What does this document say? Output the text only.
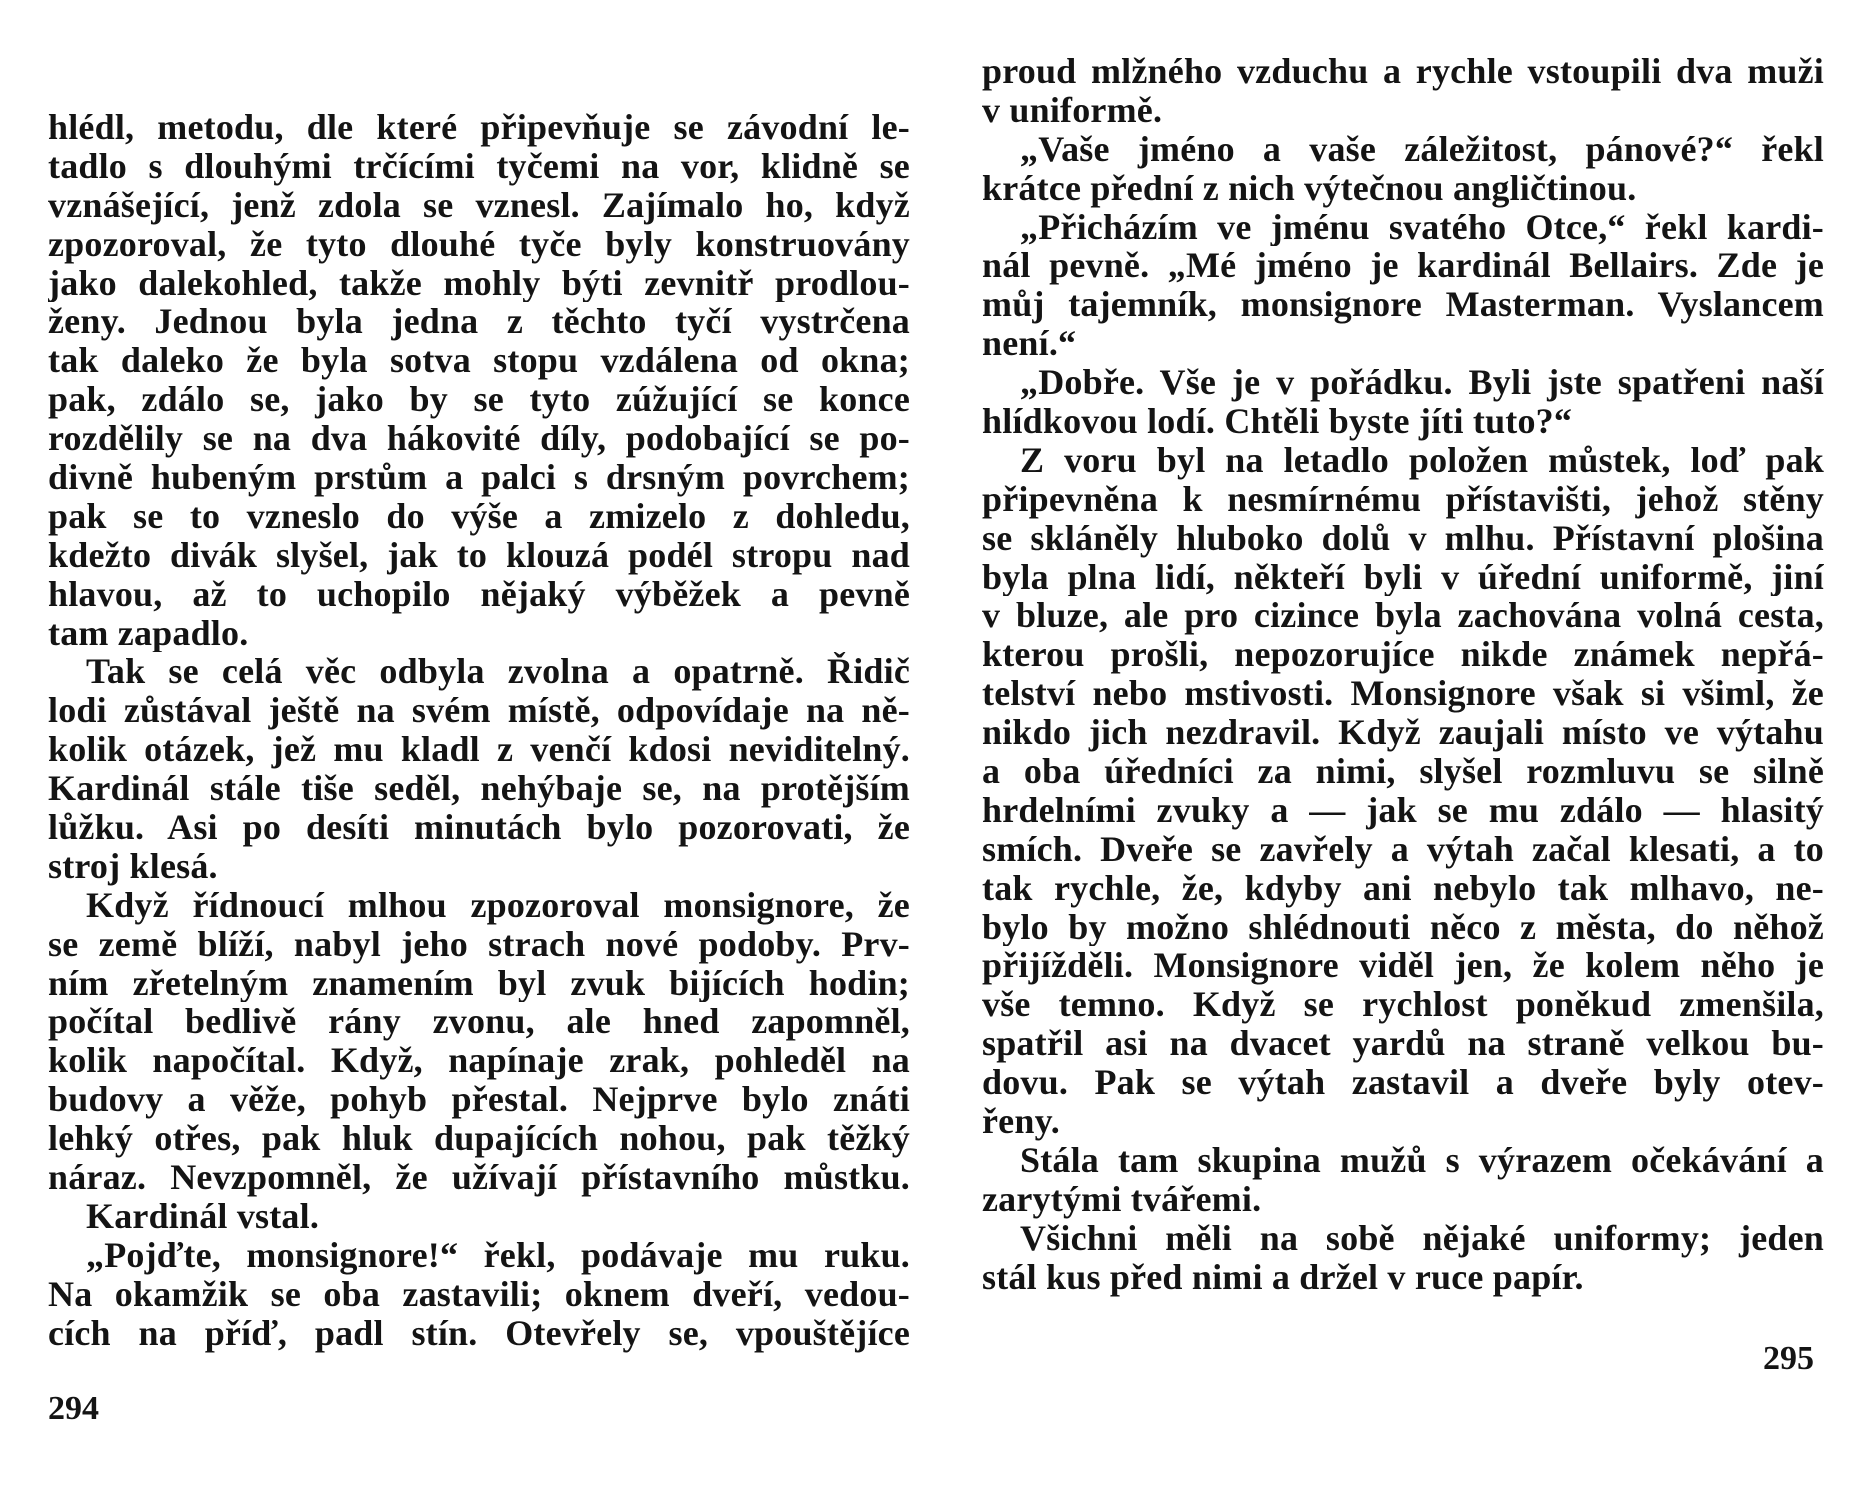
hlédl, metodu, dle které připevňuje se závodní le-
tadlo s dlouhými trčícími tyčemi na vor, klidně se
vznášející, jenž zdola se vznesl. Zajímalo ho, když
zpozoroval, že tyto dlouhé tyče byly konstruovány
jako dalekohled, takže mohly býti zevnitř prodlou-
ženy. Jednou byla jedna z těchto tyčí vystrčena
tak daleko že byla sotva stopu vzdálena od okna;
pak, zdálo se, jako by se tyto zúžující se konce
rozdělily se na dva hákovité díly, podobající se po-
divně hubeným prstům a palci s drsným povrchem;
pak se to vzneslo do výše a zmizelo z dohledu,
kdežto divák slyšel, jak to klouzá podél stropu nad
hlavou, až to uchopilo nějaký výběžek a pevně
tam zapadlo.
Tak se celá věc odbyla zvolna a opatrně. Řidič
lodi zůstával ještě na svém místě, odpovídaje na ně-
kolik otázek, jež mu kladl z venčí kdosi neviditelný.
Kardinál stále tiše seděl, nehýbaje se, na protějším
lůžku. Asi po desíti minutách bylo pozorovati, že
stroj klesá.
Když řídnoucí mlhou zpozoroval monsignore, že
se země blíží, nabyl jeho strach nové podoby. Prv-
ním zřetelným znamením byl zvuk bijících hodin;
počítal bedlivě rány zvonu, ale hned zapomněl,
kolik napočítal. Když, napínaje zrak, pohleděl na
budovy a věže, pohyb přestal. Nejprve bylo znáti
lehký otřes, pak hluk dupajících nohou, pak těžký
náraz. Nevzpomněl, že užívají přístavního můstku.
Kardinál vstal.
„Pojďte, monsignore!“ řekl, podávaje mu ruku.
Na okamžik se oba zastavili; oknem dveří, vedou-
cích na příď, padl stín. Otevřely se, vpouštějíce
294
proud mlžného vzduchu a rychle vstoupili dva muži
v uniformě.
„Vaše jméno a vaše záležitost, pánové?“ řekl
krátce přední z nich výtečnou angličtinou.
„Přicházím ve jménu svatého Otce,“ řekl kardi-
nál pevně. „Mé jméno je kardinál Bellairs. Zde je
můj tajemník, monsignore Masterman. Vyslancem
není.“
„Dobře. Vše je v pořádku. Byli jste spatřeni naší
hlídkovou lodí. Chtěli byste jíti tuto?“
Z voru byl na letadlo položen můstek, loď pak
připevněna k nesmírnému přístavišti, jehož stěny
se skláněly hluboko dolů v mlhu. Přístavní plošina
byla plna lidí, někteří byli v úřední uniformě, jiní
v bluze, ale pro cizince byla zachována volná cesta,
kterou prošli, nepozorujíce nikde známek nepřá-
telství nebo mstivosti. Monsignore však si všiml, že
nikdo jich nezdravil. Když zaujali místo ve výtahu
a oba úředníci za nimi, slyšel rozmluvu se silně
hrdelními zvuky a — jak se mu zdálo — hlasitý
smích. Dveře se zavřely a výtah začal klesati, a to
tak rychle, že, kdyby ani nebylo tak mlhavo, ne-
bylo by možno shlédnouti něco z města, do něhož
přijížděli. Monsignore viděl jen, že kolem něho je
vše temno. Když se rychlost poněkud zmenšila,
spatřil asi na dvacet yardů na straně velkou bu-
dovu. Pak se výtah zastavil a dveře byly otev-
řeny.
Stála tam skupina mužů s výrazem očekávání a
zarytými tvářemi.
Všichni měli na sobě nějaké uniformy; jeden
stál kus před nimi a držel v ruce papír.
295
